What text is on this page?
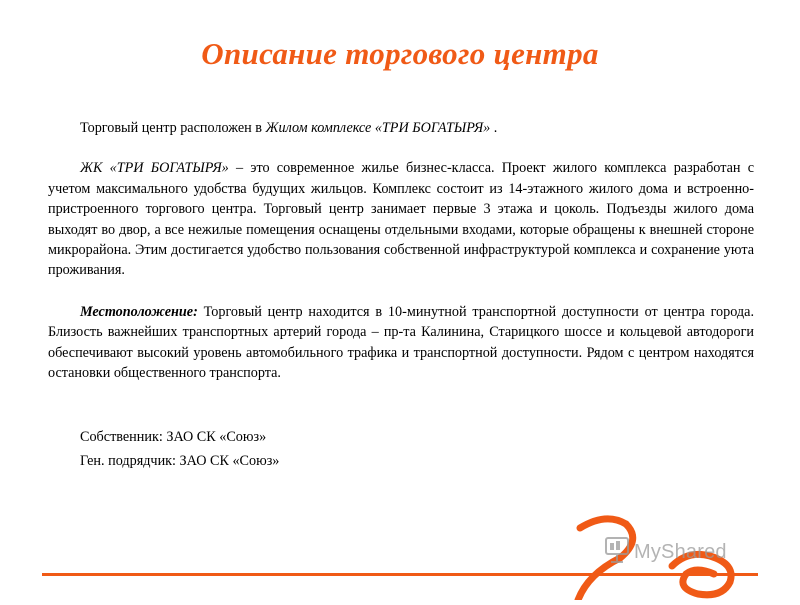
Описание торгового центра

Торговый центр расположен в Жилом комплексе «ТРИ БОГАТЫРЯ» .

ЖК «ТРИ БОГАТЫРЯ» – это современное жилье бизнес-класса. Проект жилого комплекса разработан с учетом максимального удобства будущих жильцов. Комплекс состоит из 14-этажного жилого дома и встроенно-пристроенного торгового центра. Торговый центр занимает первые 3 этажа и цоколь. Подъезды жилого дома выходят во двор, а все нежилые помещения оснащены отдельными входами, которые обращены к внешней стороне микрорайона. Этим достигается удобство пользования собственной инфраструктурой комплекса и сохранение уюта проживания.

Местоположение: Торговый центр находится в 10-минутной транспортной доступности от центра города. Близость важнейших транспортных артерий города – пр-та Калинина, Старицкого шоссе и кольцевой автодороги обеспечивают высокий уровень автомобильного трафика и транспортной доступности. Рядом с центром находятся остановки общественного транспорта.

Собственник: ЗАО СК «Союз»

Ген. подрядчик: ЗАО СК «Союз»

MyShared
